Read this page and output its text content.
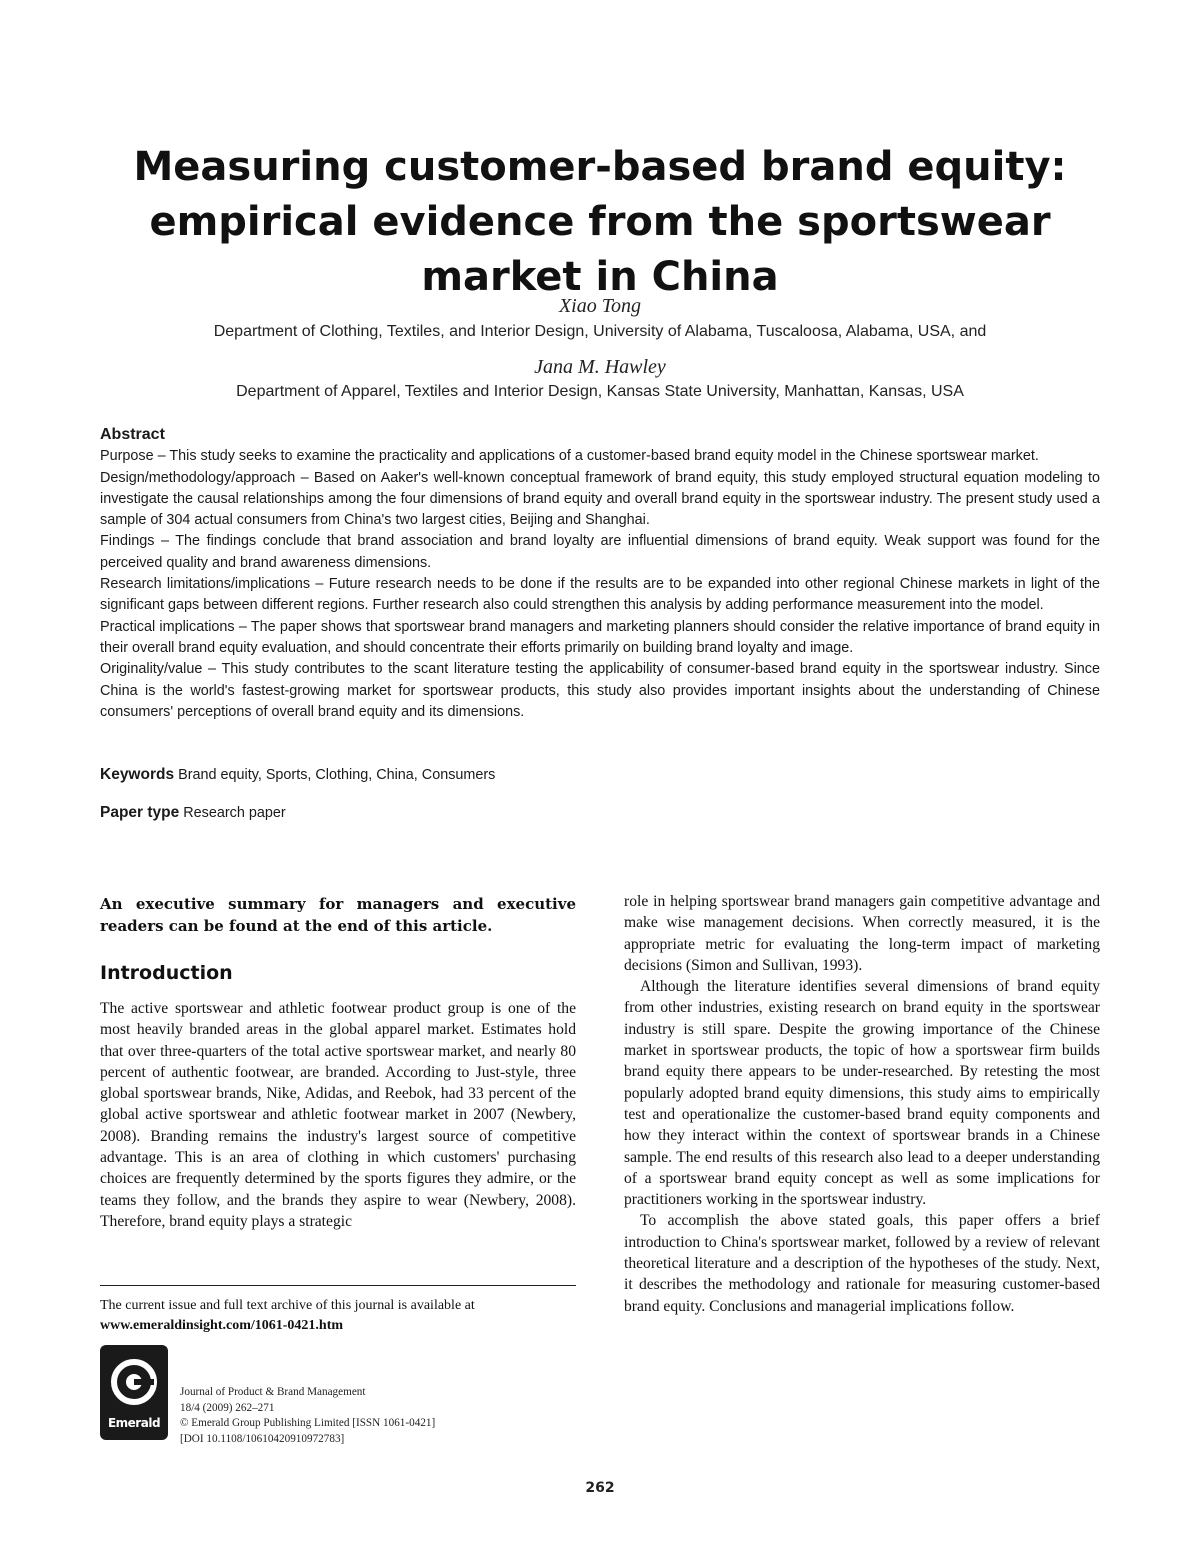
Measuring customer-based brand equity:
empirical evidence from the sportswear
market in China
Xiao Tong
Department of Clothing, Textiles, and Interior Design, University of Alabama, Tuscaloosa, Alabama, USA, and
Jana M. Hawley
Department of Apparel, Textiles and Interior Design, Kansas State University, Manhattan, Kansas, USA
Abstract

Purpose – This study seeks to examine the practicality and applications of a customer-based brand equity model in the Chinese sportswear market.

Design/methodology/approach – Based on Aaker's well-known conceptual framework of brand equity, this study employed structural equation modeling to investigate the causal relationships among the four dimensions of brand equity and overall brand equity in the sportswear industry. The present study used a sample of 304 actual consumers from China's two largest cities, Beijing and Shanghai.

Findings – The findings conclude that brand association and brand loyalty are influential dimensions of brand equity. Weak support was found for the perceived quality and brand awareness dimensions.

Research limitations/implications – Future research needs to be done if the results are to be expanded into other regional Chinese markets in light of the significant gaps between different regions. Further research also could strengthen this analysis by adding performance measurement into the model.

Practical implications – The paper shows that sportswear brand managers and marketing planners should consider the relative importance of brand equity in their overall brand equity evaluation, and should concentrate their efforts primarily on building brand loyalty and image.

Originality/value – This study contributes to the scant literature testing the applicability of consumer-based brand equity in the sportswear industry. Since China is the world's fastest-growing market for sportswear products, this study also provides important insights about the understanding of Chinese consumers' perceptions of overall brand equity and its dimensions.

Keywords Brand equity, Sports, Clothing, China, Consumers
Paper type Research paper
An executive summary for managers and executive readers can be found at the end of this article.
Introduction

The active sportswear and athletic footwear product group is one of the most heavily branded areas in the global apparel market. Estimates hold that over three-quarters of the total active sportswear market, and nearly 80 percent of authentic footwear, are branded. According to Just-style, three global sportswear brands, Nike, Adidas, and Reebok, had 33 percent of the global active sportswear and athletic footwear market in 2007 (Newbery, 2008). Branding remains the industry's largest source of competitive advantage. This is an area of clothing in which customers' purchasing choices are frequently determined by the sports figures they admire, or the teams they follow, and the brands they aspire to wear (Newbery, 2008). Therefore, brand equity plays a strategic

The current issue and full text archive of this journal is available at
www.emeraldinsight.com/1061-0421.htm
Emerald
Journal of Product & Brand Management
18/4 (2009) 262–271
© Emerald Group Publishing Limited [ISSN 1061-0421]
[DOI 10.1108/10610420910972783]

role in helping sportswear brand managers gain competitive advantage and make wise management decisions. When correctly measured, it is the appropriate metric for evaluating the long-term impact of marketing decisions (Simon and Sullivan, 1993).

Although the literature identifies several dimensions of brand equity from other industries, existing research on brand equity in the sportswear industry is still spare. Despite the growing importance of the Chinese market in sportswear products, the topic of how a sportswear firm builds brand equity there appears to be under-researched. By retesting the most popularly adopted brand equity dimensions, this study aims to empirically test and operationalize the customer-based brand equity components and how they interact within the context of sportswear brands in a Chinese sample. The end results of this research also lead to a deeper understanding of a sportswear brand equity concept as well as some implications for practitioners working in the sportswear industry.

To accomplish the above stated goals, this paper offers a brief introduction to China's sportswear market, followed by a review of relevant theoretical literature and a description of the hypotheses of the study. Next, it describes the methodology and rationale for measuring customer-based brand equity. Conclusions and managerial implications follow.

262
